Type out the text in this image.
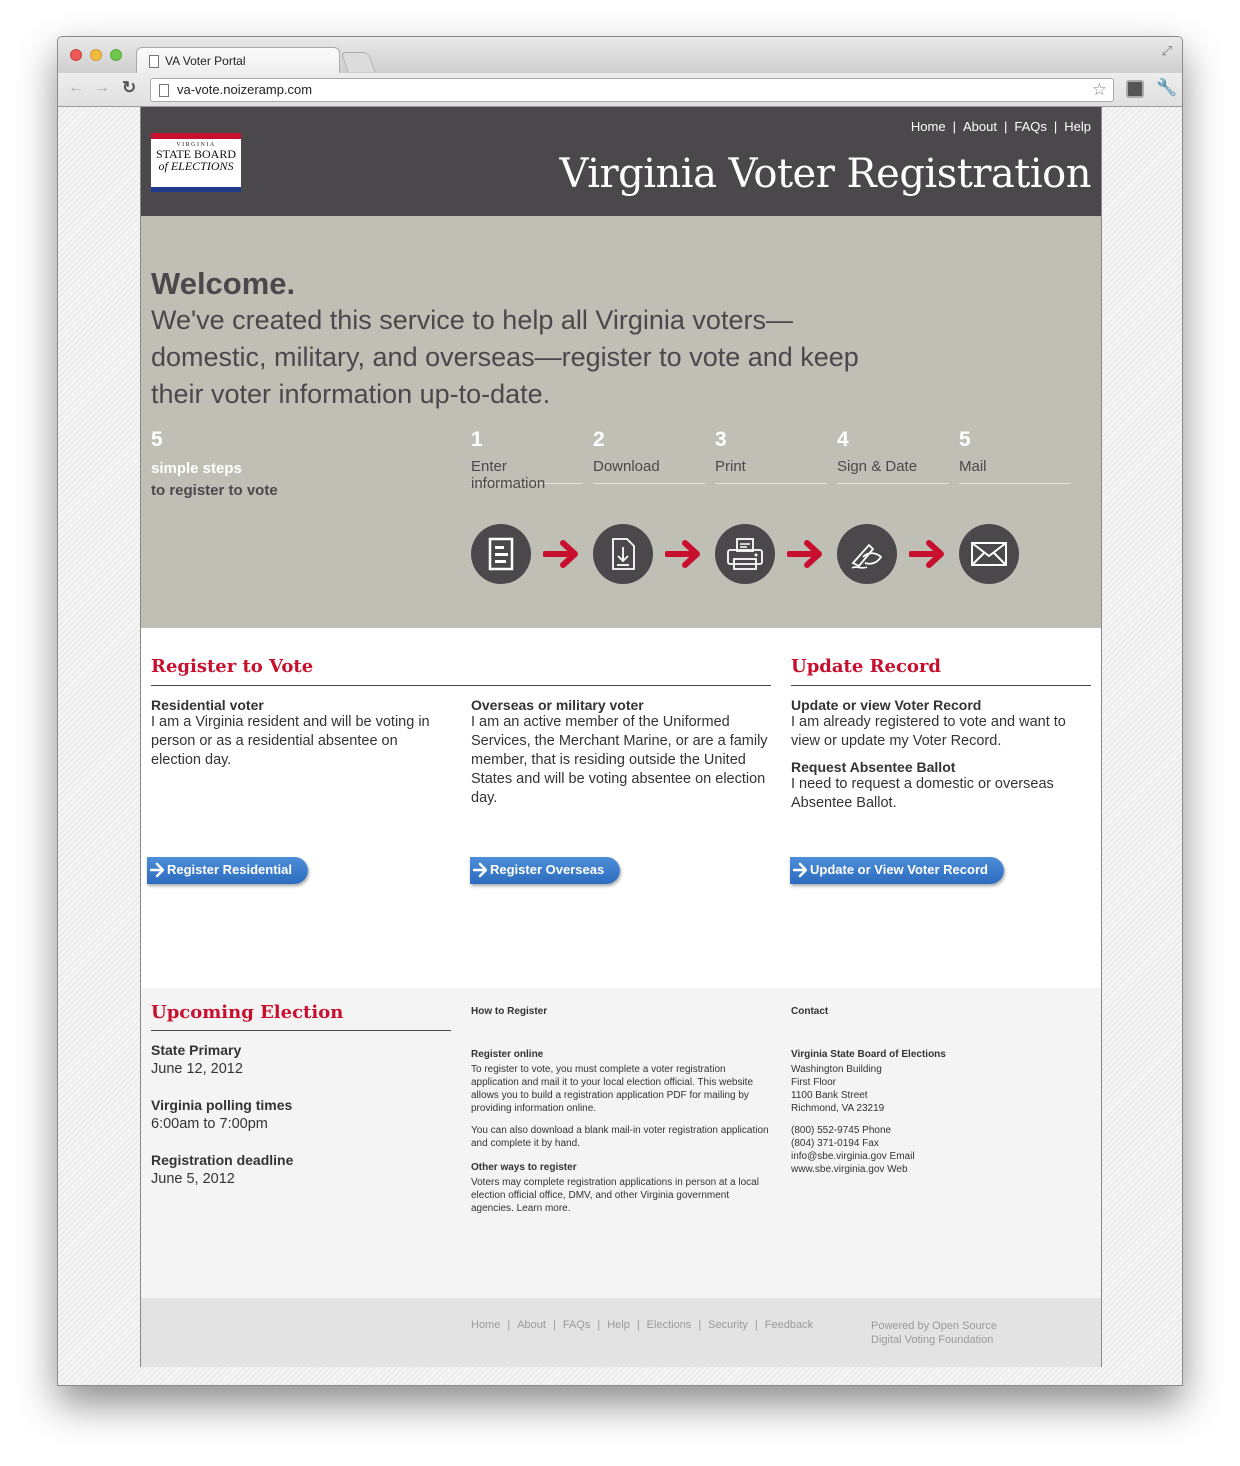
VA Voter Portal
⤢
← → ↻	va-vote.noizeramp.com	☆	🔧
VIRGINIA
STATE BOARD
of ELECTIONS
Home | About | FAQs | Help
Virginia Voter Registration
Welcome.
We've created this service to help all Virginia voters—domestic, military, and overseas—register to vote and keep their voter information up-to-date.
5
simple steps
to register to vote
1
Enter information
2
Download
3
Print
4
Sign & Date
5
Mail
Register to Vote	Update Record
Residential voter
I am a Virginia resident and will be voting in person or as a residential absentee on election day.
Overseas or military voter
I am an active member of the Uniformed Services, the Merchant Marine, or are a family member, that is residing outside the United States and will be voting absentee on election day.
Update or view Voter Record
I am already registered to vote and want to view or update my Voter Record.
Request Absentee Ballot
I need to request a domestic or overseas Absentee Ballot.
Register Residential	Register Overseas	Update or View Voter Record
Upcoming Election
State Primary
June 12, 2012
Virginia polling times
6:00am to 7:00pm
Registration deadline
June 5, 2012
How to Register
Register online
To register to vote, you must complete a voter registration application and mail it to your local election official. This website allows you to build a registration application PDF for mailing by providing information online.
You can also download a blank mail-in voter registration application and complete it by hand.
Other ways to register
Voters may complete registration applications in person at a local election official office, DMV, and other Virginia government agencies. Learn more.
Contact
Virginia State Board of Elections
Washington Building
First Floor
1100 Bank Street
Richmond, VA 23219
(800) 552-9745 Phone
(804) 371-0194 Fax
info@sbe.virginia.gov Email
www.sbe.virginia.gov Web
Home | About | FAQs | Help | Elections | Security | Feedback	Powered by Open Source
Digital Voting Foundation
